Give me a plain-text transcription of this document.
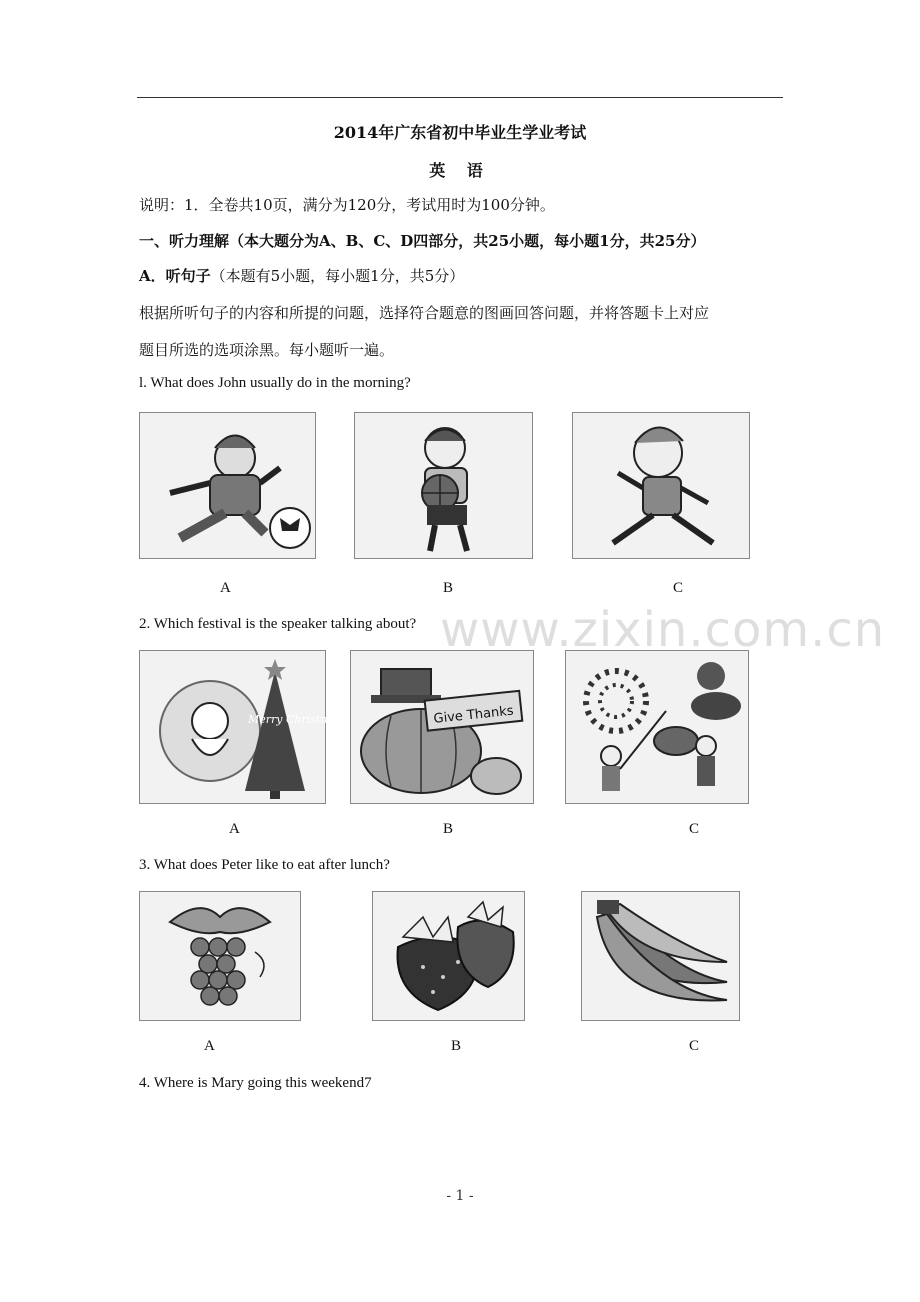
2014年广东省初中毕业生学业考试
英 语
说明：1．全卷共10页，满分为120分，考试用时为100分钟。
一、听力理解（本大题分为A、B、C、D四部分，共25小题，每小题1分，共25分）
A．听句子（本题有5小题，每小题1分，共5分）
根据所听句子的内容和所提的问题，选择符合题意的图画回答问题，并将答题卡上对应
题目所选的选项涂黑。每小题听一遍。
l. What does John usually do in the morning?
A	B	C
2. Which festival is the speaker talking about?
Merry Christmas	Give Thanks
A	B	C
3. What does Peter like to eat after lunch?
A	B	C
4. Where is Mary going this weekend7
www.zixin.com.cn
- 1 -
